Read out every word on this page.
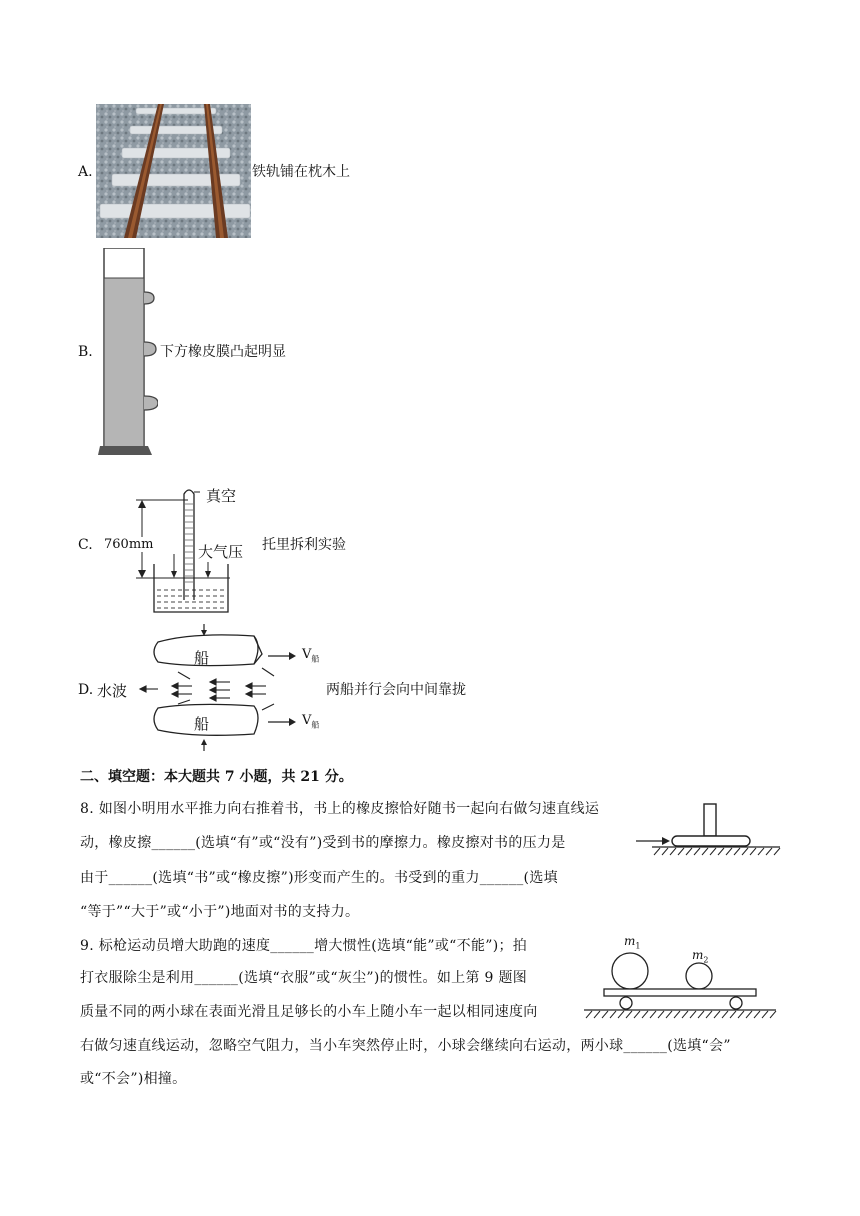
A.	铁轨铺在枕木上
B.	下方橡皮膜凸起明显
C. 760mm
真空
大气压 托里拆利实验
D. 水波
船
船
$V_船$
$V_船$
两船并行会向中间靠拢
二、填空题：本大题共 7 小题，共 21 分。
8. 如图小明用水平推力向右推着书，书上的橡皮擦恰好随书一起向右做匀速直线运
动，橡皮擦______(选填“有”或“没有”)受到书的摩擦力。橡皮擦对书的压力是
由于______(选填“书”或“橡皮擦”)形变而产生的。书受到的重力______(选填
“等于”“大于”或“小于”)地面对书的支持力。
9. 标枪运动员增大助跑的速度______增大惯性(选填“能”或“不能”)；拍
打衣服除尘是利用______(选填“衣服”或“灰尘”)的惯性。如上第 9 题图
质量不同的两小球在表面光滑且足够长的小车上随小车一起以相同速度向
右做匀速直线运动，忽略空气阻力，当小车突然停止时，小球会继续向右运动，两小球______(选填“会”
或“不会”)相撞。
$m_1$
$m_2$
